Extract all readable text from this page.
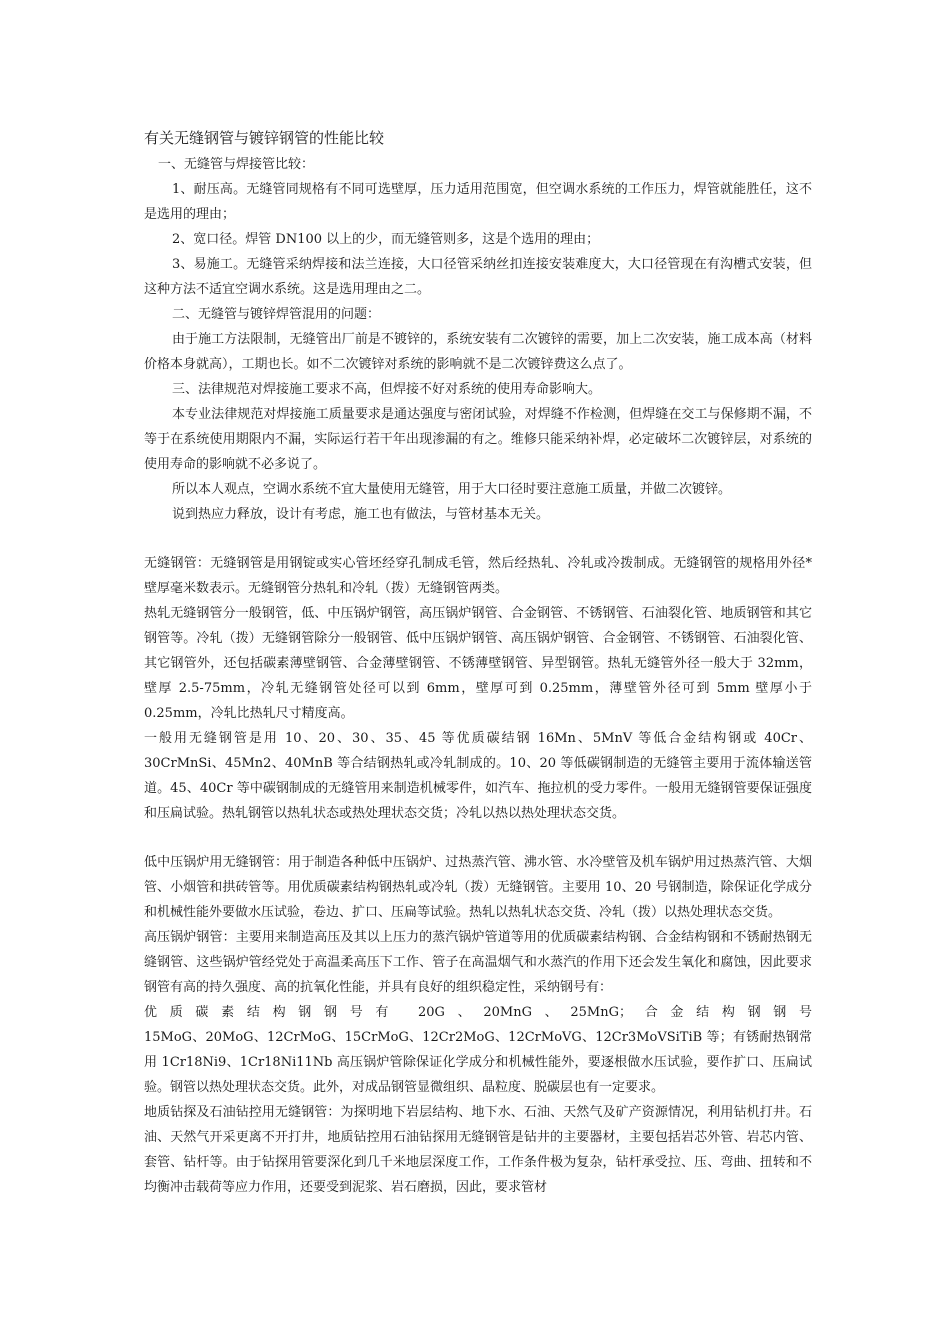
有关无缝钢管与镀锌钢管的性能比较

一、无缝管与焊接管比较：

1、耐压高。无缝管同规格有不同可选壁厚，压力适用范围宽，但空调水系统的工作压力，焊管就能胜任，这不是选用的理由；

2、宽口径。焊管 DN100 以上的少，而无缝管则多，这是个选用的理由；

3、易施工。无缝管采纳焊接和法兰连接，大口径管采纳丝扣连接安装难度大，大口径管现在有沟槽式安装，但这种方法不适宜空调水系统。这是选用理由之二。

二、无缝管与镀锌焊管混用的问题：

由于施工方法限制，无缝管出厂前是不镀锌的，系统安装有二次镀锌的需要，加上二次安装，施工成本高（材料价格本身就高），工期也长。如不二次镀锌对系统的影响就不是二次镀锌费这么点了。

三、法律规范对焊接施工要求不高，但焊接不好对系统的使用寿命影响大。

本专业法律规范对焊接施工质量要求是通达强度与密闭试验，对焊缝不作检测，但焊缝在交工与保修期不漏，不等于在系统使用期限内不漏，实际运行若干年出现渗漏的有之。维修只能采纳补焊，必定破坏二次镀锌层，对系统的使用寿命的影响就不必多说了。

所以本人观点，空调水系统不宜大量使用无缝管，用于大口径时要注意施工质量，并做二次镀锌。

说到热应力释放，设计有考虑，施工也有做法，与管材基本无关。

无缝钢管：无缝钢管是用钢锭或实心管坯经穿孔制成毛管，然后经热轧、冷轧或冷拨制成。无缝钢管的规格用外径*壁厚毫米数表示。无缝钢管分热轧和冷轧（拨）无缝钢管两类。

热轧无缝钢管分一般钢管，低、中压锅炉钢管，高压锅炉钢管、合金钢管、不锈钢管、石油裂化管、地质钢管和其它钢管等。冷轧（拨）无缝钢管除分一般钢管、低中压锅炉钢管、高压锅炉钢管、合金钢管、不锈钢管、石油裂化管、其它钢管外，还包括碳素薄壁钢管、合金薄壁钢管、不锈薄壁钢管、异型钢管。热轧无缝管外径一般大于 32mm，壁厚 2.5-75mm，冷轧无缝钢管处径可以到 6mm，壁厚可到 0.25mm，薄壁管外径可到 5mm 壁厚小于 0.25mm，冷轧比热轧尺寸精度高。

一般用无缝钢管是用 10、20、30、35、45 等优质碳结钢 16Mn、5MnV 等低合金结构钢或 40Cr、30CrMnSi、45Mn2、40MnB 等合结钢热轧或冷轧制成的。10、20 等低碳钢制造的无缝管主要用于流体输送管道。45、40Cr 等中碳钢制成的无缝管用来制造机械零件，如汽车、拖拉机的受力零件。一般用无缝钢管要保证强度和压扁试验。热轧钢管以热轧状态或热处理状态交货；冷轧以热以热处理状态交货。

低中压锅炉用无缝钢管：用于制造各种低中压锅炉、过热蒸汽管、沸水管、水冷壁管及机车锅炉用过热蒸汽管、大烟管、小烟管和拱砖管等。用优质碳素结构钢热轧或冷轧（拨）无缝钢管。主要用 10、20 号钢制造，除保证化学成分和机械性能外要做水压试验，卷边、扩口、压扁等试验。热轧以热轧状态交货、冷轧（拨）以热处理状态交货。

高压锅炉钢管：主要用来制造高压及其以上压力的蒸汽锅炉管道等用的优质碳素结构钢、合金结构钢和不锈耐热钢无缝钢管、这些锅炉管经党处于高温柔高压下工作、管子在高温烟气和水蒸汽的作用下还会发生氧化和腐蚀，因此要求钢管有高的持久强度、高的抗氧化性能，并具有良好的组织稳定性，采纳钢号有：

优质碳素结构钢钢号有 20G、20MnG、25MnG；合金结构钢钢号

15MoG、20MoG、12CrMoG、15CrMoG、12Cr2MoG、12CrMoVG、12Cr3MoVSiTiB 等；有锈耐热钢常用 1Cr18Ni9、1Cr18Ni11Nb 高压锅炉管除保证化学成分和机械性能外，要逐根做水压试验，要作扩口、压扁试验。钢管以热处理状态交货。此外，对成品钢管显微组织、晶粒度、脱碳层也有一定要求。

地质钻探及石油钻控用无缝钢管：为探明地下岩层结构、地下水、石油、天然气及矿产资源情况，利用钻机打井。石油、天然气开采更离不开打井，地质钻控用石油钻探用无缝钢管是钻井的主要器材，主要包括岩芯外管、岩芯内管、套管、钻杆等。由于钻探用管要深化到几千米地层深度工作，工作条件极为复杂，钻杆承受拉、压、弯曲、扭转和不均衡冲击载荷等应力作用，还要受到泥浆、岩石磨损，因此，要求管材
